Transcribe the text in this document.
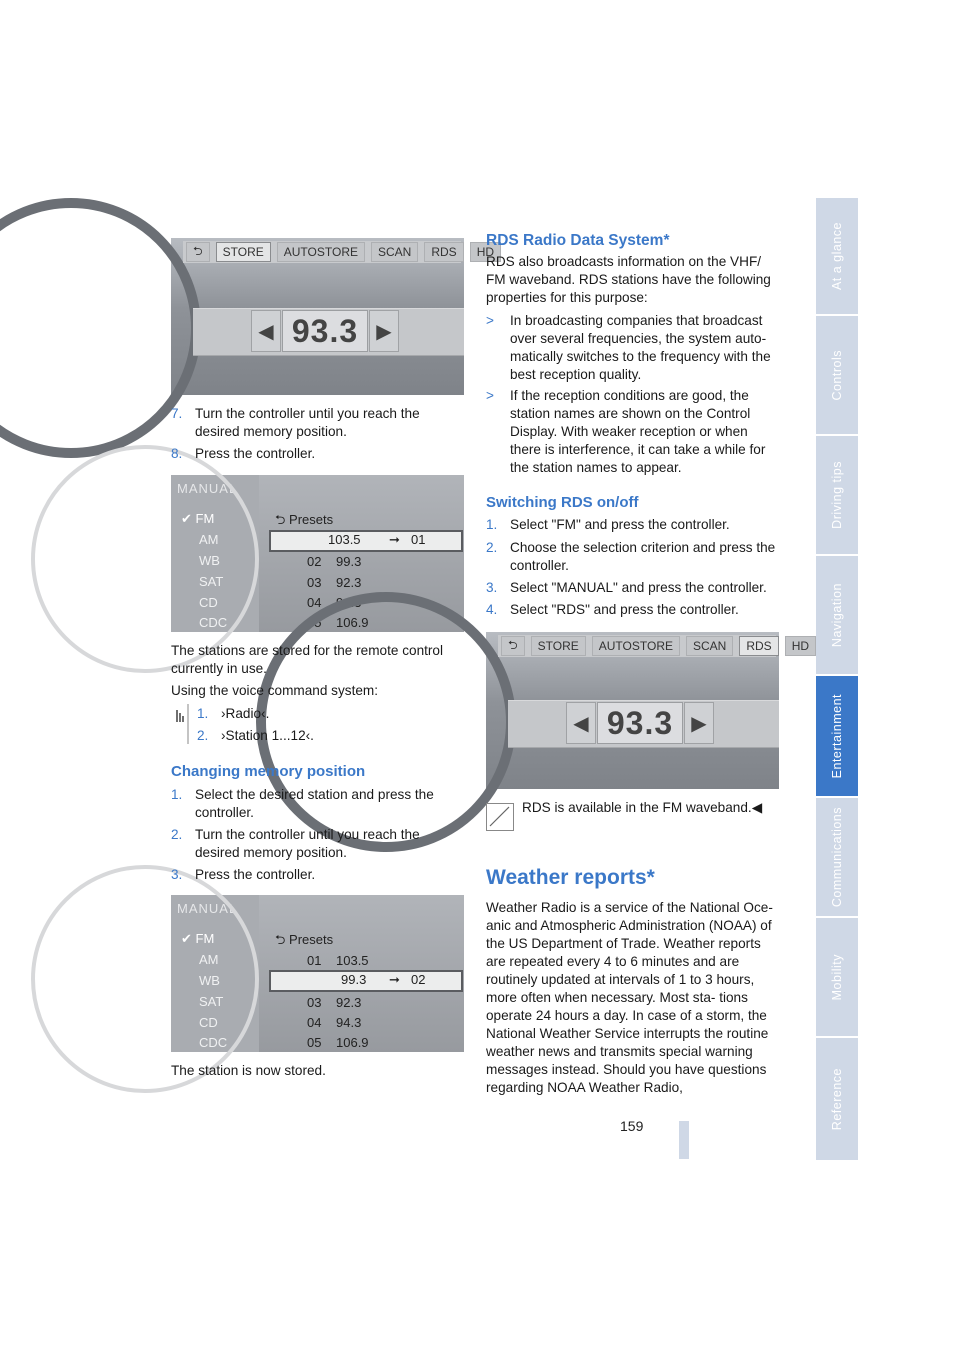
⮌	STORE	AUTOSTORE	SCAN	RDS	HD
◀ 93.3 ▶
MANUAL
✔ FM
AM
WB
SAT
CD
CDC
⮌ Presets
103.5 ➞ 01
02 99.3
03 92.3
04 94.3
05 106.9
MANUAL
✔ FM
AM
WB
SAT
CD
CDC
⮌ Presets
01 103.5
99.3 ➞ 02
03 92.3
04 94.3
05 106.9
⮌	STORE	AUTOSTORE	SCAN	RDS	HD
◀ 93.3 ▶
7. Turn the controller until you reach the desired memory position.
8. Press the controller.
The stations are stored for the remote control currently in use.
Using the voice command system:
1. ›Radio‹.
2. ›Station 1...12‹.
Changing memory position
1. Select the desired station and press the controller.
2. Turn the controller until you reach the desired memory position.
3. Press the controller.
The station is now stored.
RDS Radio Data System*
RDS also broadcasts information on the VHF/ FM waveband. RDS stations have the following properties for this purpose:
>	In broadcasting companies that broadcast over several frequencies, the system auto- matically switches to the frequency with the best reception quality.
>	If the reception conditions are good, the station names are shown on the Control Display. With weaker reception or when there is interference, it can take a while for the station names to appear.
Switching RDS on/off
1. Select "FM" and press the controller.
2. Choose the selection criterion and press the controller.
3. Select "MANUAL" and press the controller.
4. Select "RDS" and press the controller.
RDS is available in the FM waveband.◀
Weather reports*
Weather Radio is a service of the National Oce- anic and Atmospheric Administration (NOAA) of the US Department of Trade. Weather reports are repeated every 4 to 6 minutes and are routinely updated at intervals of 1 to 3 hours, more often when necessary. Most sta- tions operate 24 hours a day. In case of a storm, the National Weather Service interrupts the routine weather news and transmits special warning messages instead. Should you have questions regarding NOAA Weather Radio,
159
At a glance
Controls
Driving tips
Navigation
Entertainment
Communications
Mobility
Reference
